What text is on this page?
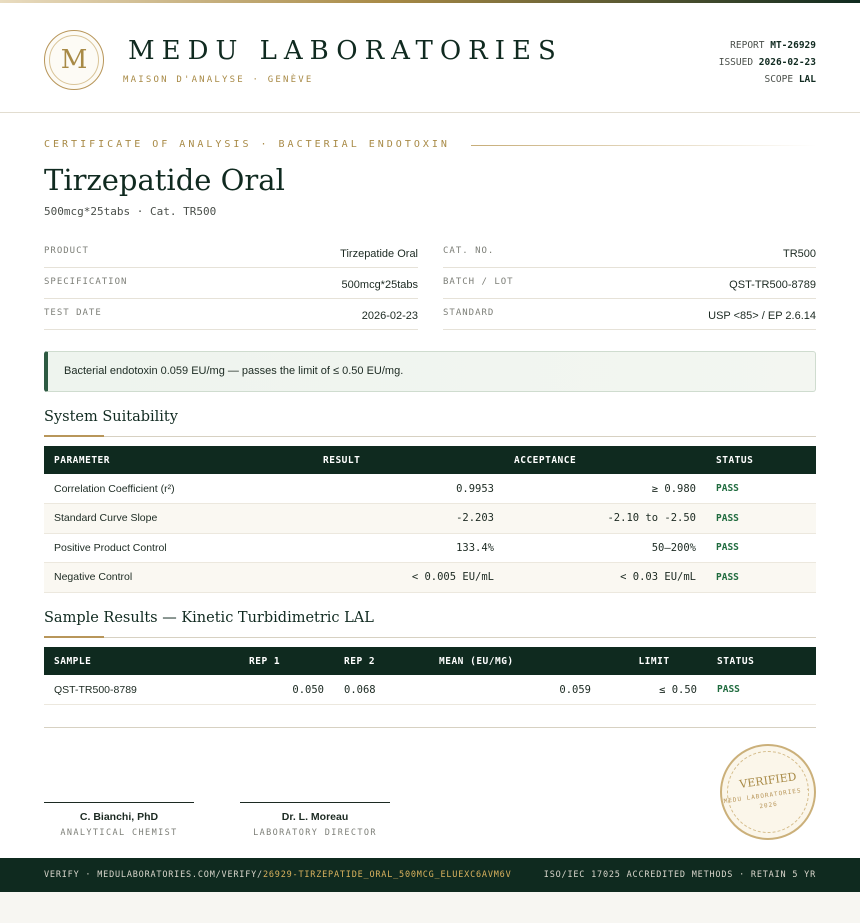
M	MEDU LABORATORIES
MAISON D'ANALYSE · GENÈVE
REPORT MT-26929
ISSUED 2026-02-23
SCOPE LAL
CERTIFICATE OF ANALYSIS · BACTERIAL ENDOTOXIN
Tirzepatide Oral
500mcg*25tabs · Cat. TR500
PRODUCT	Tirzepatide Oral
SPECIFICATION	500mcg*25tabs
TEST DATE	2026-02-23
CAT. NO.	TR500
BATCH / LOT	QST-TR500-8789
STANDARD	USP <85> / EP 2.6.14
Bacterial endotoxin 0.059 EU/mg — passes the limit of ≤ 0.50 EU/mg.
System Suitability
PARAMETER	RESULT	ACCEPTANCE	STATUS
Correlation Coefficient (r²)	0.9953	≥ 0.980	PASS
Standard Curve Slope	-2.203	-2.10 to -2.50	PASS
Positive Product Control	133.4%	50–200%	PASS
Negative Control	< 0.005 EU/mL	< 0.03 EU/mL	PASS
Sample Results — Kinetic Turbidimetric LAL
SAMPLE	REP 1	REP 2	MEAN (EU/MG)	LIMIT	STATUS
QST-TR500-8789	0.050	0.068	0.059	≤ 0.50	PASS
C. Bianchi, PhD
ANALYTICAL CHEMIST
Dr. L. Moreau
LABORATORY DIRECTOR
VERIFIED
MEDU LABORATORIES · 2026
VERIFY · MEDULABORATORIES.COM/VERIFY/26929-TIRZEPATIDE_ORAL_500MCG_ELUEXC6AVM6V	ISO/IEC 17025 ACCREDITED METHODS · RETAIN 5 YR
